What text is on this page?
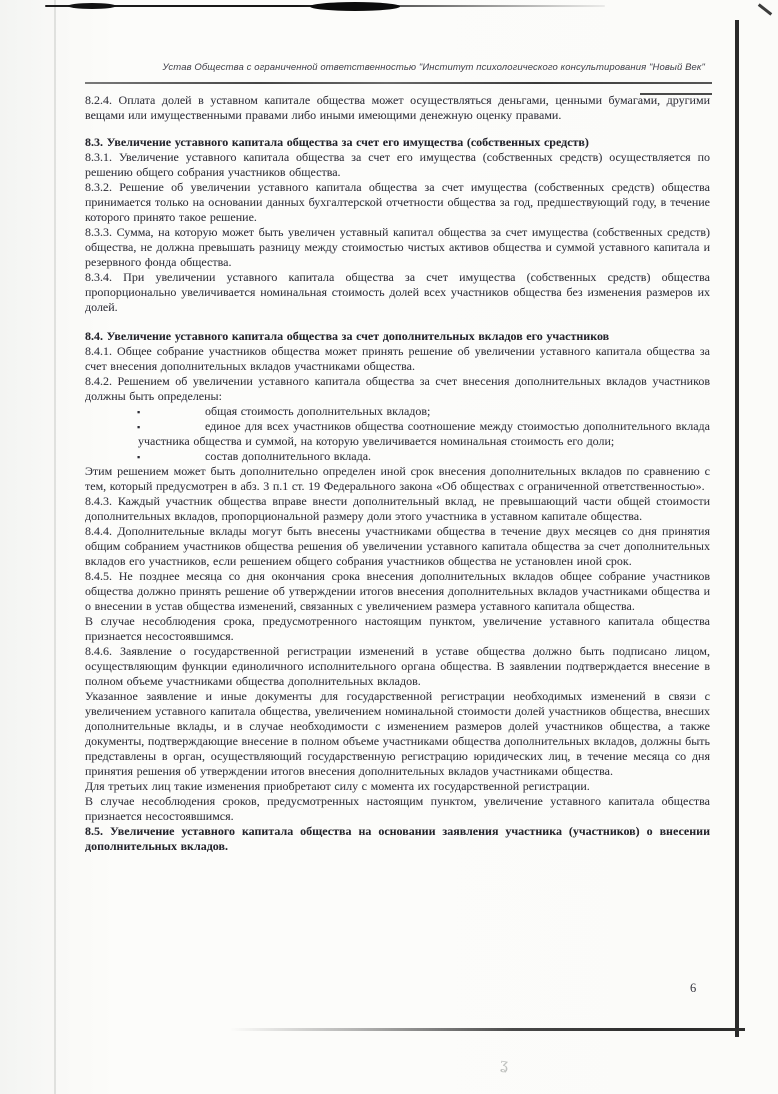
ʓ
Устав Общества с ограниченной ответственностью "Институт психологического консультирования "Новый Век"
8.2.4. Оплата долей в уставном капитале общества может осуществляться деньгами, ценными бумагами, другими вещами или имущественными правами либо иными имеющими денежную оценку правами.
8.3. Увеличение уставного капитала общества за счет его имущества (собственных средств)
8.3.1. Увеличение уставного капитала общества за счет его имущества (собственных средств) осуществляется по решению общего собрания участников общества.
8.3.2. Решение об увеличении уставного капитала общества за счет имущества (собственных средств) общества принимается только на основании данных бухгалтерской отчетности общества за год, предшествующий году, в течение которого принято такое решение.
8.3.3. Сумма, на которую может быть увеличен уставный капитал общества за счет имущества (собственных средств) общества, не должна превышать разницу между стоимостью чистых активов общества и суммой уставного капитала и резервного фонда общества.
8.3.4. При увеличении уставного капитала общества за счет имущества (собственных средств) общества пропорционально увеличивается номинальная стоимость долей всех участников общества без изменения размеров их долей.
8.4. Увеличение уставного капитала общества за счет дополнительных вкладов его участников
8.4.1. Общее собрание участников общества может принять решение об увеличении уставного капитала общества за счет внесения дополнительных вкладов участниками общества.
8.4.2. Решением об увеличении уставного капитала общества за счет внесения дополнительных вкладов участников должны быть определены:
▪	общая стоимость дополнительных вкладов;
▪	единое для всех участников общества соотношение между стоимостью дополнительного вклада участника общества и суммой, на которую увеличивается номинальная стоимость его доли;
▪	состав дополнительного вклада.
Этим решением может быть дополнительно определен иной срок внесения дополнительных вкладов по сравнению с тем, который предусмотрен в абз. 3 п.1 ст. 19 Федерального закона «Об обществах с ограниченной ответственностью».
8.4.3. Каждый участник общества вправе внести дополнительный вклад, не превышающий части общей стоимости дополнительных вкладов, пропорциональной размеру доли этого участника в уставном капитале общества.
8.4.4. Дополнительные вклады могут быть внесены участниками общества в течение двух месяцев со дня принятия общим собранием участников общества решения об увеличении уставного капитала общества за счет дополнительных вкладов его участников, если решением общего собрания участников общества не установлен иной срок.
8.4.5. Не позднее месяца со дня окончания срока внесения дополнительных вкладов общее собрание участников общества должно принять решение об утверждении итогов внесения дополнительных вкладов участниками общества и о внесении в устав общества изменений, связанных с увеличением размера уставного капитала общества.
В случае несоблюдения срока, предусмотренного настоящим пунктом, увеличение уставного капитала общества признается несостоявшимся.
8.4.6. Заявление о государственной регистрации изменений в уставе общества должно быть подписано лицом, осуществляющим функции единоличного исполнительного органа общества. В заявлении подтверждается внесение в полном объеме участниками общества дополнительных вкладов.
Указанное заявление и иные документы для государственной регистрации необходимых изменений в связи с увеличением уставного капитала общества, увеличением номинальной стоимости долей участников общества, внесших дополнительные вклады, и в случае необходимости с изменением размеров долей участников общества, а также документы, подтверждающие внесение в полном объеме участниками общества дополнительных вкладов, должны быть представлены в орган, осуществляющий государственную регистрацию юридических лиц, в течение месяца со дня принятия решения об утверждении итогов внесения дополнительных вкладов участниками общества.
Для третьих лиц такие изменения приобретают силу с момента их государственной регистрации.
В случае несоблюдения сроков, предусмотренных настоящим пунктом, увеличение уставного капитала общества признается несостоявшимся.
8.5. Увеличение уставного капитала общества на основании заявления участника (участников) о внесении дополнительных вкладов.
6
